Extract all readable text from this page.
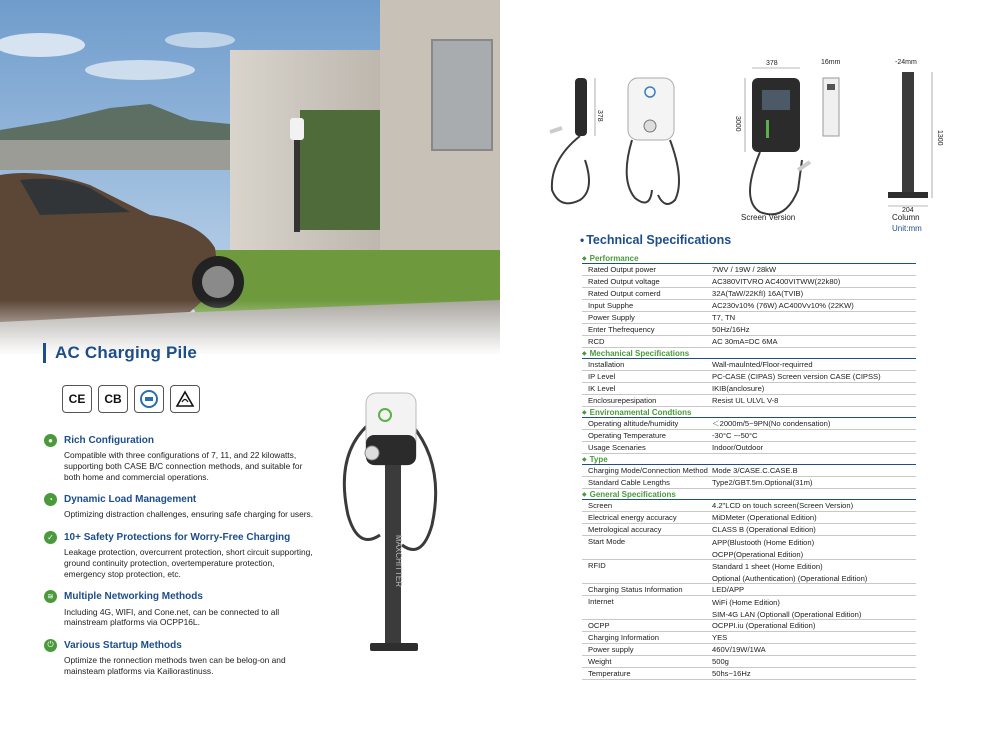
AC Charging Pile
CE	CB
●	Rich Configuration
Compatible with three configurations of 7, 11, and 22 kilowatts, supporting both CASE B/C connection methods, and suitable for both home and commercial operations.
◔	Dynamic Load Management
Optimizing distraction challenges, ensuring safe charging for users.
✓	10+ Safety Protections for Worry-Free Charging
Leakage protection, overcurrent protection, short circuit supporting, ground continuity protection, overtemperature protection, emergency stop protection, etc.
≋	Multiple Networking Methods
Including 4G, WIFI, and Cone.net, can be connected to all mainstream platforms via OCPP16L.
⏻	Various Startup Methods
Optimize the ronnection methods twen can be belog-on and mainsteam platforms via Kailiorastinuss.
MAXCHITTER
378
378
3000
16mm	-24mm
1300
204
Screen Version	Column
Unit:mm
• Technical Specifications
◆ Performance
Rated Output power	7WV / 19W / 28kW
Rated Output voltage	AC380VITVRO AC400VITWW(22k80)
Rated Output comerd	32A(TaW/22KfI) 16A(TVIB)
Input Supphe	AC230v10% (76W) AC400Vv10% (22KW)
Power Supply	T7, TN
Enter Thefrequency	50Hz/16Hz
RCD	AC 30mA=DC 6MA
◆ Mechanical Specifications
Installation	Wall-maulnted/Floor-requirred
IP Level	PC-CASE (CIPAS) Screen version CASE (CIPSS)
IK Level	IKIB(anclosure)
Enclosurepesipation	Resist UL ULVL V-8
◆ Environamental Condtions
Operating altitude/humidity	＜2000m/5~9PN(No condensation)
Operating Temperature	-30°C ~-50°C
Usage Scenaries	Indoor/Outdoor
◆ Type
Charging Mode/Connection Method Mode 3/CASE.C.CASE.B
Standard Cable Lengths	Type2/GBT.5m.Optional(31m)
◆ General Specifications
Screen	4.2"LCD on touch screen(Screen Version)
Electrical energy accuracy	MiDMeter (Operational Edition)
Metrological accuracy	CLASS B (Operational Edition)
Start Mode	APP(Blustooth (Home Edition)
OCPP(Operational Edition)
RFID	Standard 1 sheet (Home Edition)
Optional (Authentication) (Operational Edition)
Charging Status Information	LED/APP
Internet	WiFi (Home Edition)
SIM-4G LAN (Optionall (Operational Edition)
OCPP	OCPPI.iu (Operational Edition)
Charging Information	YES
Power supply	460V/19W/1WA
Weight	500g
Temperature	50hs~16Hz
